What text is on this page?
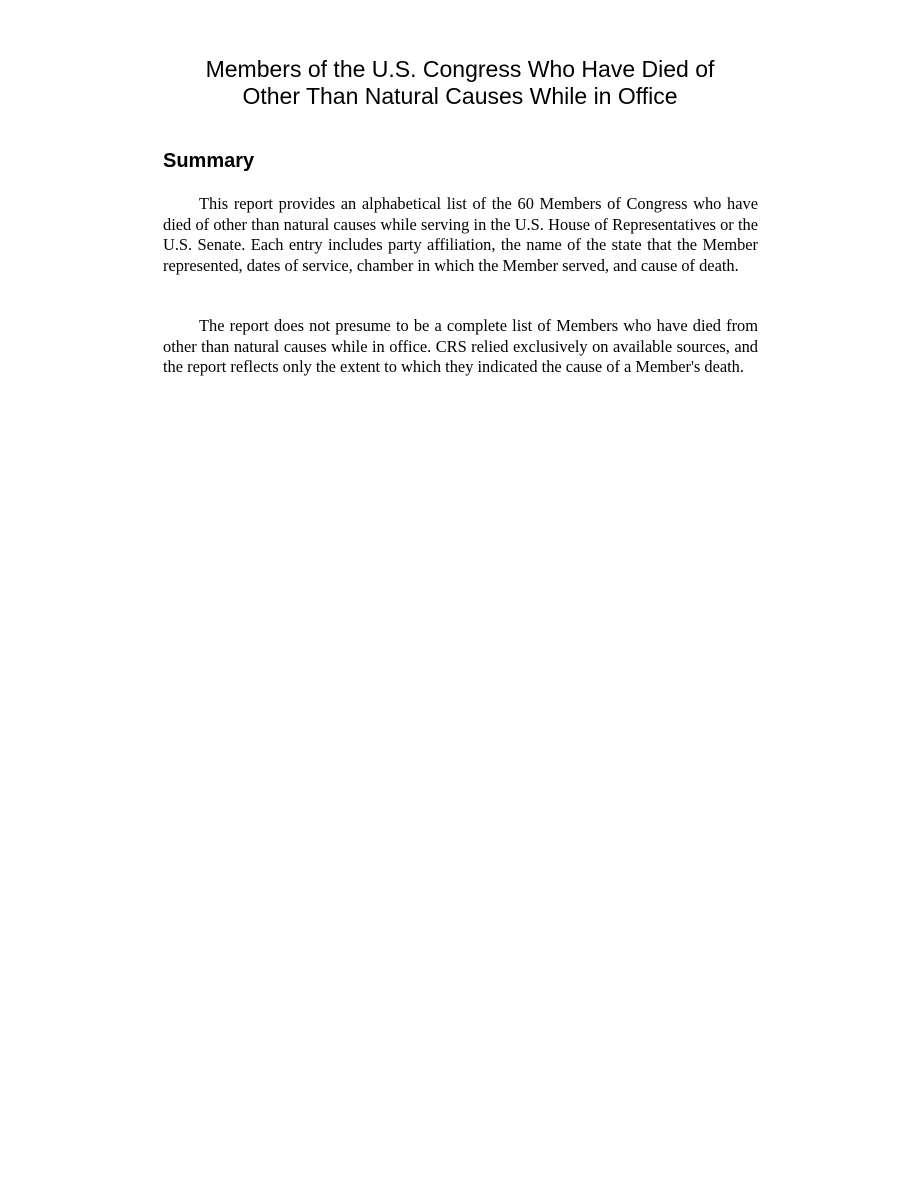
Members of the U.S. Congress Who Have Died of
Other Than Natural Causes While in Office
Summary

This report provides an alphabetical list of the 60 Members of Congress who have died of other than natural causes while serving in the U.S. House of Representatives or the U.S. Senate. Each entry includes party affiliation, the name of the state that the Member represented, dates of service, chamber in which the Member served, and cause of death.

The report does not presume to be a complete list of Members who have died from other than natural causes while in office. CRS relied exclusively on available sources, and the report reflects only the extent to which they indicated the cause of a Member's death.
